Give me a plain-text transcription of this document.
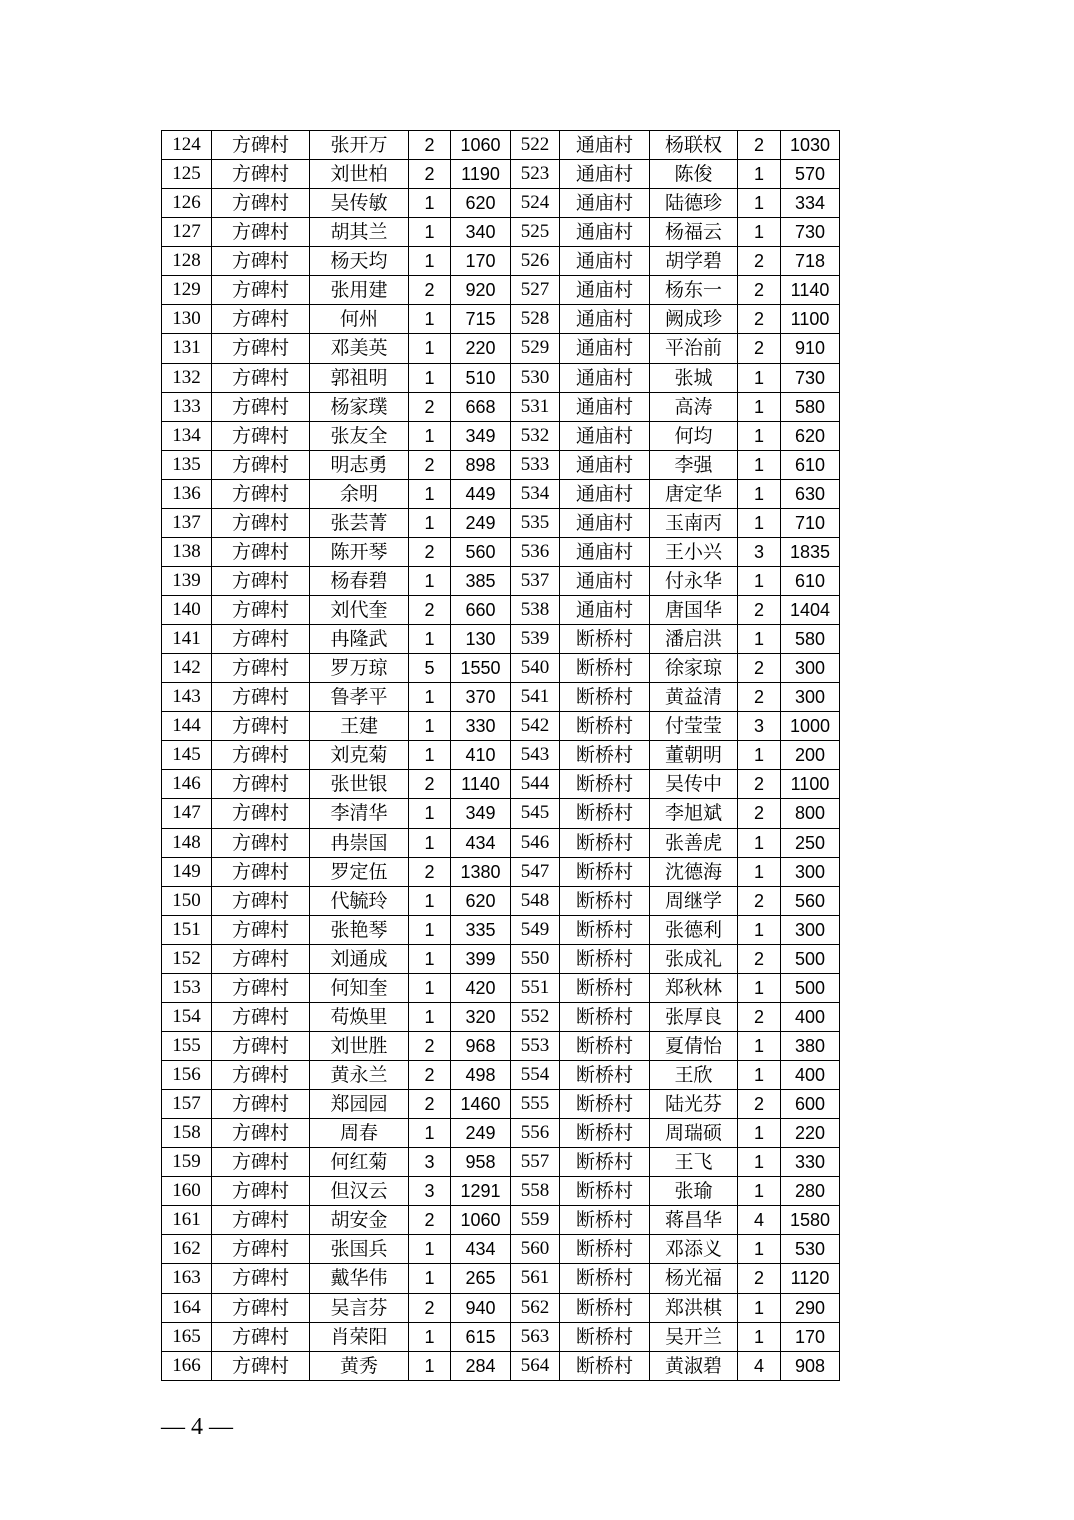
124	方碑村	张开万	2	1060	522	通庙村	杨联权	2	1030
125	方碑村	刘世柏	2	1190	523	通庙村	陈俊	1	570
126	方碑村	吴传敏	1	620	524	通庙村	陆德珍	1	334
127	方碑村	胡其兰	1	340	525	通庙村	杨福云	1	730
128	方碑村	杨天均	1	170	526	通庙村	胡学碧	2	718
129	方碑村	张用建	2	920	527	通庙村	杨东一	2	1140
130	方碑村	何州	1	715	528	通庙村	阙成珍	2	1100
131	方碑村	邓美英	1	220	529	通庙村	平治前	2	910
132	方碑村	郭祖明	1	510	530	通庙村	张城	1	730
133	方碑村	杨家璞	2	668	531	通庙村	高涛	1	580
134	方碑村	张友全	1	349	532	通庙村	何均	1	620
135	方碑村	明志勇	2	898	533	通庙村	李强	1	610
136	方碑村	余明	1	449	534	通庙村	唐定华	1	630
137	方碑村	张芸菁	1	249	535	通庙村	玉南丙	1	710
138	方碑村	陈开琴	2	560	536	通庙村	王小兴	3	1835
139	方碑村	杨春碧	1	385	537	通庙村	付永华	1	610
140	方碑村	刘代奎	2	660	538	通庙村	唐国华	2	1404
141	方碑村	冉隆武	1	130	539	断桥村	潘启洪	1	580
142	方碑村	罗万琼	5	1550	540	断桥村	徐家琼	2	300
143	方碑村	鲁孝平	1	370	541	断桥村	黄益清	2	300
144	方碑村	王建	1	330	542	断桥村	付莹莹	3	1000
145	方碑村	刘克菊	1	410	543	断桥村	董朝明	1	200
146	方碑村	张世银	2	1140	544	断桥村	吴传中	2	1100
147	方碑村	李清华	1	349	545	断桥村	李旭斌	2	800
148	方碑村	冉崇国	1	434	546	断桥村	张善虎	1	250
149	方碑村	罗定伍	2	1380	547	断桥村	沈德海	1	300
150	方碑村	代毓玲	1	620	548	断桥村	周继学	2	560
151	方碑村	张艳琴	1	335	549	断桥村	张德利	1	300
152	方碑村	刘通成	1	399	550	断桥村	张成礼	2	500
153	方碑村	何知奎	1	420	551	断桥村	郑秋林	1	500
154	方碑村	苟焕里	1	320	552	断桥村	张厚良	2	400
155	方碑村	刘世胜	2	968	553	断桥村	夏倩怡	1	380
156	方碑村	黄永兰	2	498	554	断桥村	王欣	1	400
157	方碑村	郑园园	2	1460	555	断桥村	陆光芬	2	600
158	方碑村	周春	1	249	556	断桥村	周瑞硕	1	220
159	方碑村	何红菊	3	958	557	断桥村	王飞	1	330
160	方碑村	但汉云	3	1291	558	断桥村	张瑜	1	280
161	方碑村	胡安金	2	1060	559	断桥村	蒋昌华	4	1580
162	方碑村	张国兵	1	434	560	断桥村	邓添义	1	530
163	方碑村	戴华伟	1	265	561	断桥村	杨光福	2	1120
164	方碑村	吴言芬	2	940	562	断桥村	郑洪棋	1	290
165	方碑村	肖荣阳	1	615	563	断桥村	吴开兰	1	170
166	方碑村	黄秀	1	284	564	断桥村	黄淑碧	4	908
— 4 —
